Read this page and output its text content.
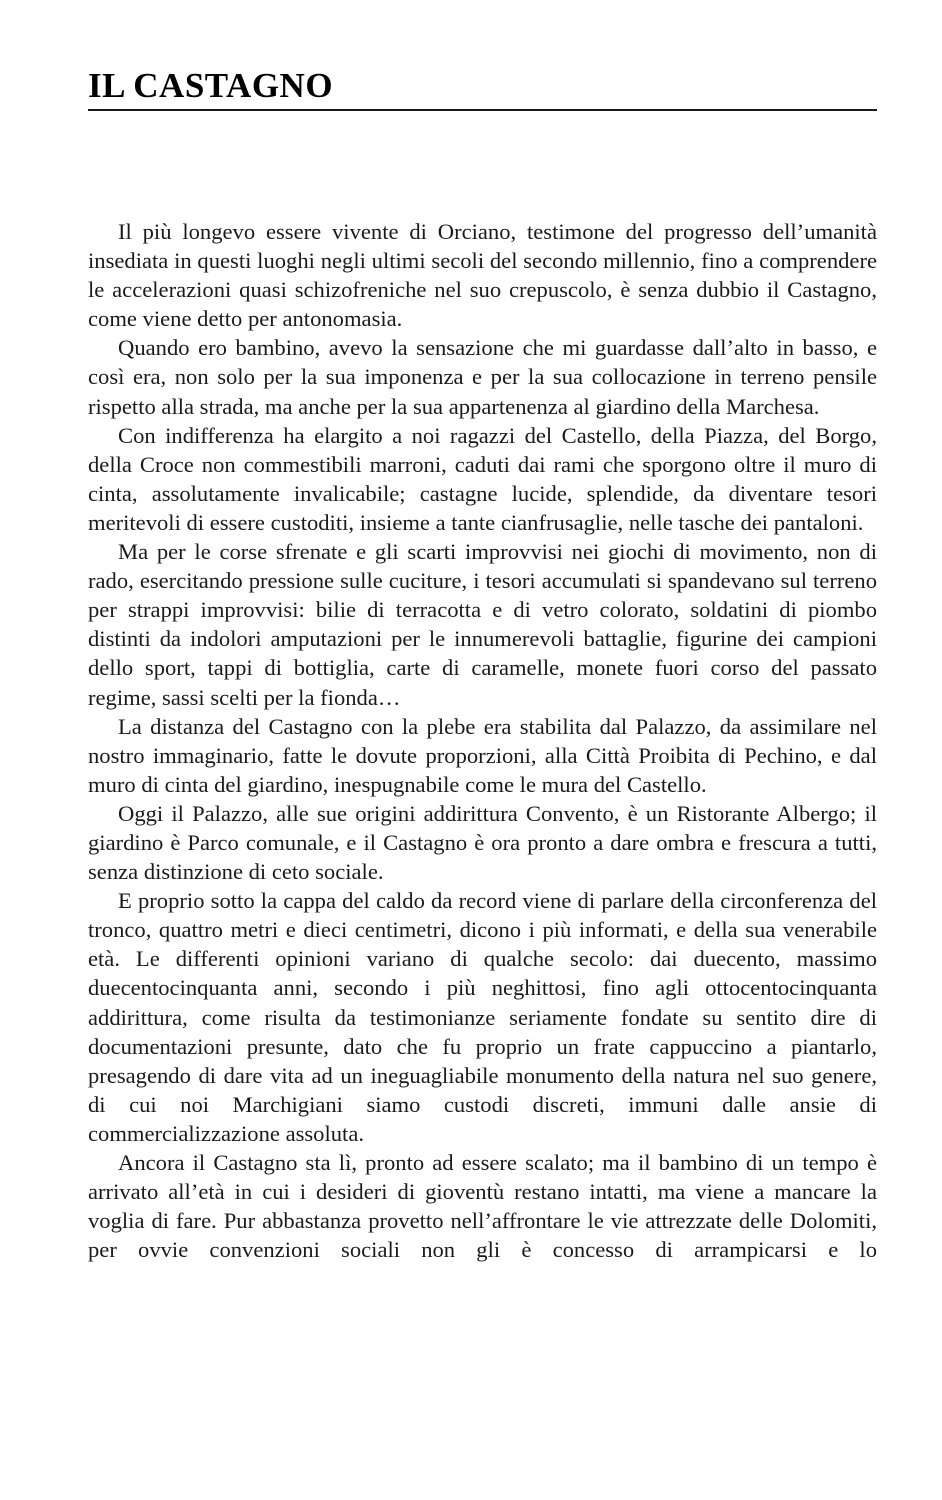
IL CASTAGNO

Il più longevo essere vivente di Orciano, testimone del progresso dell’umanità insediata in questi luoghi negli ultimi secoli del secondo millennio, fino a comprendere le accelerazioni quasi schizofreniche nel suo crepuscolo, è senza dubbio il Castagno, come viene detto per antonomasia.

Quando ero bambino, avevo la sensazione che mi guardasse dall’alto in basso, e così era, non solo per la sua imponenza e per la sua collocazione in terreno pensile rispetto alla strada, ma anche per la sua appartenenza al giardino della Marchesa.

Con indifferenza ha elargito a noi ragazzi del Castello, della Piazza, del Borgo, della Croce non commestibili marroni, caduti dai rami che sporgono oltre il muro di cinta, assolutamente invalicabile; castagne lucide, splendide, da diventare tesori meritevoli di essere custoditi, insieme a tante cianfrusaglie, nelle tasche dei pantaloni.

Ma per le corse sfrenate e gli scarti improvvisi nei giochi di movimento, non di rado, esercitando pressione sulle cuciture, i tesori accumulati si spandevano sul terreno per strappi improvvisi: bilie di terracotta e di vetro colorato, soldatini di piombo distinti da indolori amputazioni per le innumerevoli battaglie, figurine dei campioni dello sport, tappi di bottiglia, carte di caramelle, monete fuori corso del passato regime, sassi scelti per la fionda…

La distanza del Castagno con la plebe era stabilita dal Palazzo, da assimilare nel nostro immaginario, fatte le dovute proporzioni, alla Città Proibita di Pechino, e dal muro di cinta del giardino, inespugnabile come le mura del Castello.

Oggi il Palazzo, alle sue origini addirittura Convento, è un Ristorante Albergo; il giardino è Parco comunale, e il Castagno è ora pronto a dare ombra e frescura a tutti, senza distinzione di ceto sociale.

E proprio sotto la cappa del caldo da record viene di parlare della circonferenza del tronco, quattro metri e dieci centimetri, dicono i più informati, e della sua venerabile età. Le differenti opinioni variano di qualche secolo: dai duecento, massimo duecentocinquanta anni, secondo i più neghittosi, fino agli ottocentocinquanta addirittura, come risulta da testimonianze seriamente fondate su sentito dire di documentazioni presunte, dato che fu proprio un frate cappuccino a piantarlo, presagendo di dare vita ad un ineguagliabile monumento della natura nel suo genere, di cui noi Marchigiani siamo custodi discreti, immuni dalle ansie di commercializzazione assoluta.

Ancora il Castagno sta lì, pronto ad essere scalato; ma il bambino di un tempo è arrivato all’età in cui i desideri di gioventù restano intatti, ma viene a mancare la voglia di fare. Pur abbastanza provetto nell’affrontare le vie attrezzate delle Dolomiti, per ovvie convenzioni sociali non gli è concesso di arrampicarsi e lo
